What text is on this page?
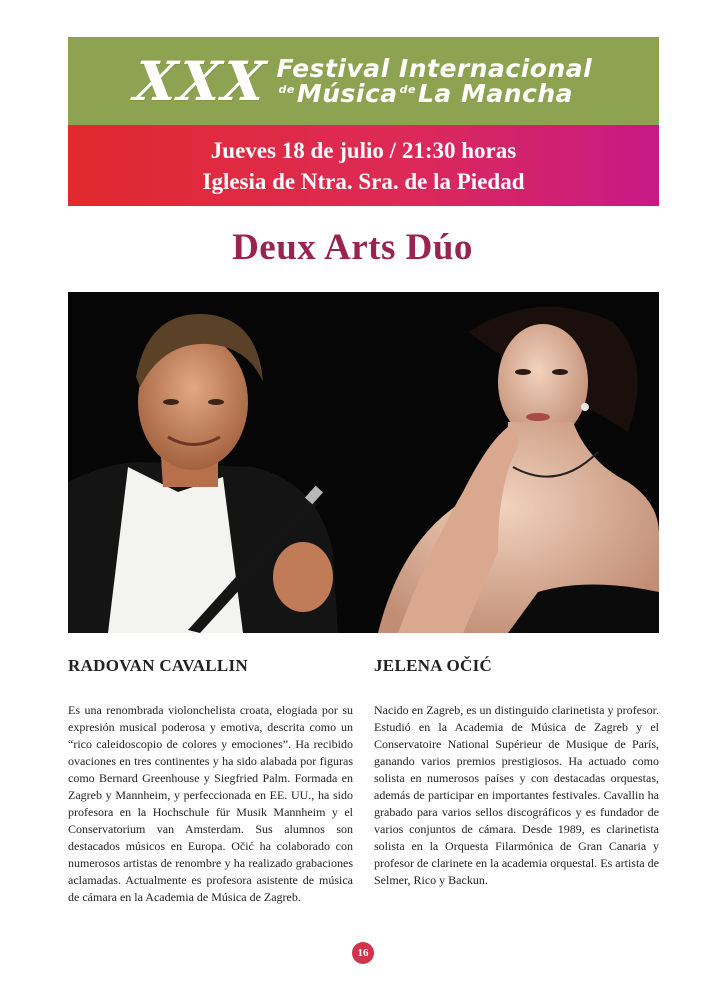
XXX Festival Internacional
$^{de}$Música $^{de}$La Mancha
Jueves 18 de julio / 21:30 horas
Iglesia de Ntra. Sra. de la Piedad
Deux Arts Dúo
RADOVAN CAVALLIN

Es una renombrada violonchelista croata, elogiada por su expresión musical poderosa y emotiva, descrita como un “rico caleidoscopio de colores y emociones”. Ha recibido ovaciones en tres continentes y ha sido alabada por figuras como Bernard Greenhouse y Siegfried Palm. Formada en Zagreb y Mannheim, y perfeccionada en EE. UU., ha sido profesora en la Hochschule für Musik Mannheim y el Conservatorium van Amsterdam. Sus alumnos son destacados músicos en Europa. Očić ha colaborado con numerosos artistas de renombre y ha realizado grabaciones aclamadas. Actualmente es profesora asistente de música de cámara en la Academia de Música de Zagreb.

JELENA OČIĆ

Nacido en Zagreb, es un distinguido clarinetista y profesor. Estudió en la Academia de Música de Zagreb y el Conservatoire National Supérieur de Musique de París, ganando varios premios prestigiosos. Ha actuado como solista en numerosos países y con destacadas orquestas, además de participar en importantes festivales. Cavallin ha grabado para varios sellos discográficos y es fundador de varios conjuntos de cámara. Desde 1989, es clarinetista solista en la Orquesta Filarmónica de Gran Canaria y profesor de clarinete en la academia orquestal. Es artista de Selmer, Rico y Backun.

16
